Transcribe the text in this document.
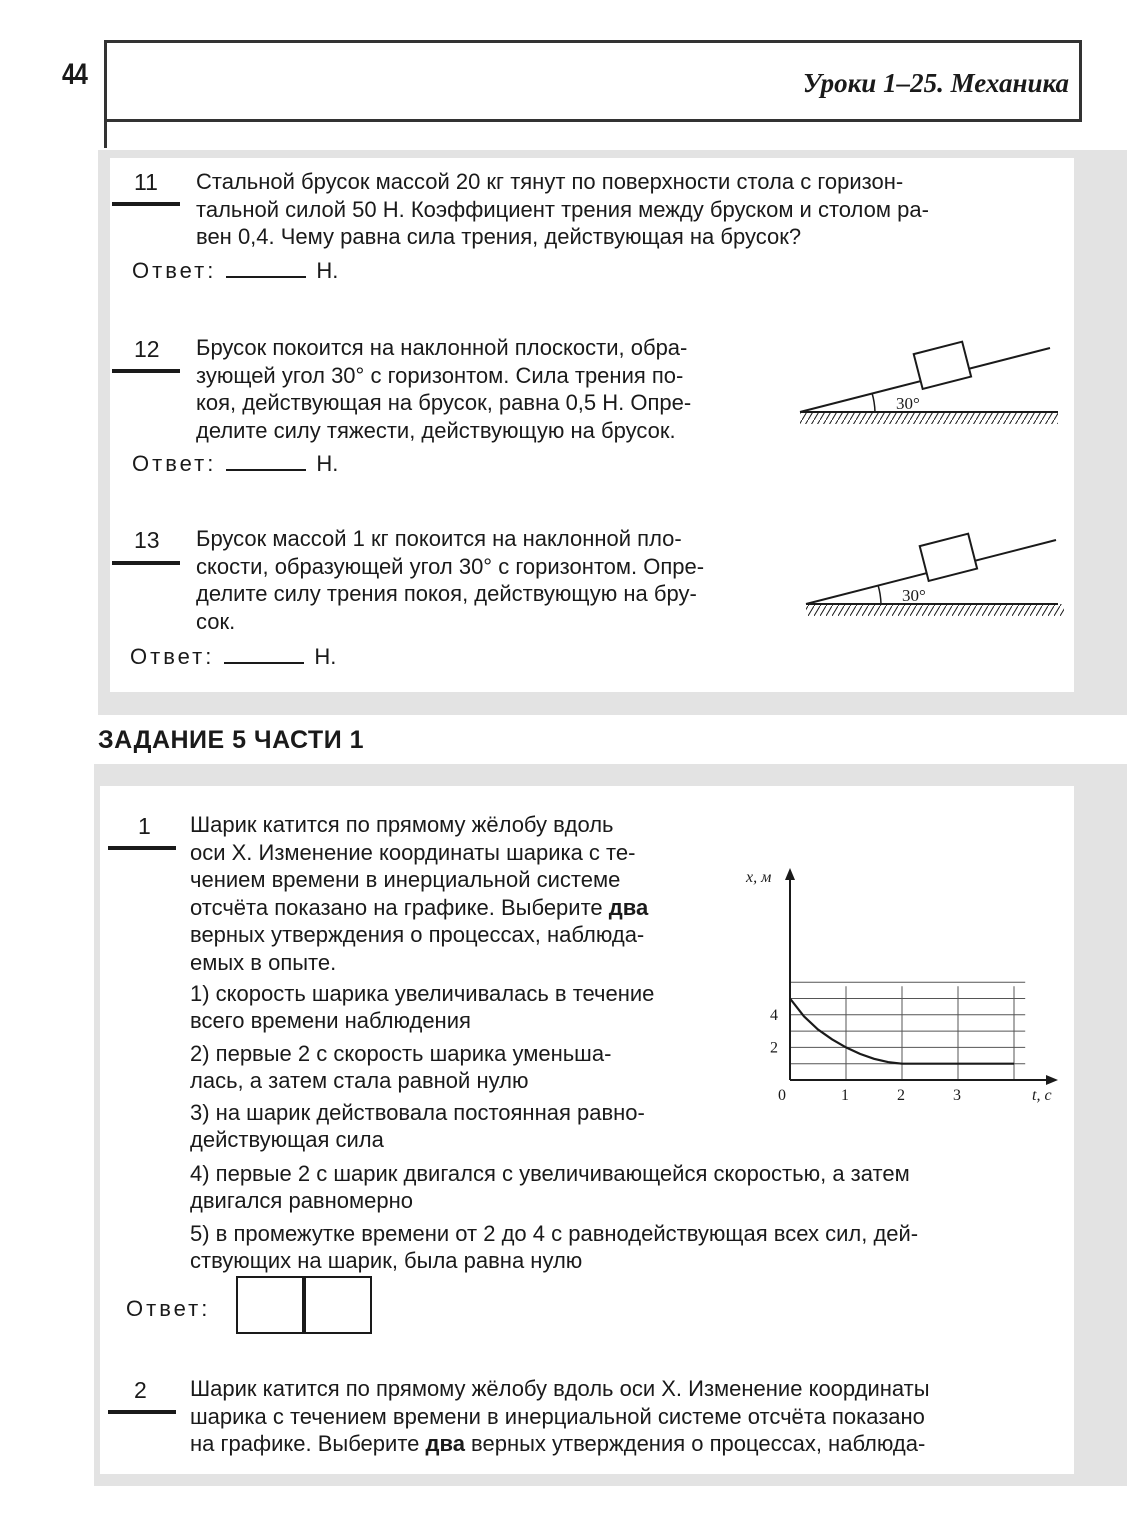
44	Уроки 1–25. Механика
11 Стальной брусок массой 20 кг тянут по поверхности стола с горизон-
тальной силой 50 Н. Коэффициент трения между бруском и столом ра-
вен 0,4. Чему равна сила трения, действующая на брусок?
Ответ:	Н.
12 Брусок покоится на наклонной плоскости, обра-
зующей угол 30° с горизонтом. Сила трения по-
коя, действующая на брусок, равна 0,5 Н. Опре-
делите силу тяжести, действующую на брусок.
Ответ:	Н.
30°
13 Брусок массой 1 кг покоится на наклонной пло-
скости, образующей угол 30° с горизонтом. Опре-
делите силу трения покоя, действующую на бру-
сок.
Ответ:	Н.
30°
ЗАДАНИЕ 5 ЧАСТИ 1
1 Шарик катится по прямому жёлобу вдоль
оси X. Изменение координаты шарика с те-
чением времени в инерциальной системе
отсчёта показано на графике. Выберите два
верных утверждения о процессах, наблюда-
емых в опыте.
1) скорость шарика увеличивалась в течение
всего времени наблюдения
2) первые 2 с скорость шарика уменьша-
лась, а затем стала равной нулю
3) на шарик действовала постоянная равно-
действующая сила
4) первые 2 с шарик двигался с увеличивающейся скоростью, а затем
двигался равномерно
5) в промежутке времени от 2 до 4 с равнодействующая всех сил, дей-
ствующих на шарик, была равна нулю
Ответ:
0	1	2	3
2
4
t, с
x, м
2 Шарик катится по прямому жёлобу вдоль оси X. Изменение координаты
шарика с течением времени в инерциальной системе отсчёта показано
на графике. Выберите два верных утверждения о процессах, наблюда-
